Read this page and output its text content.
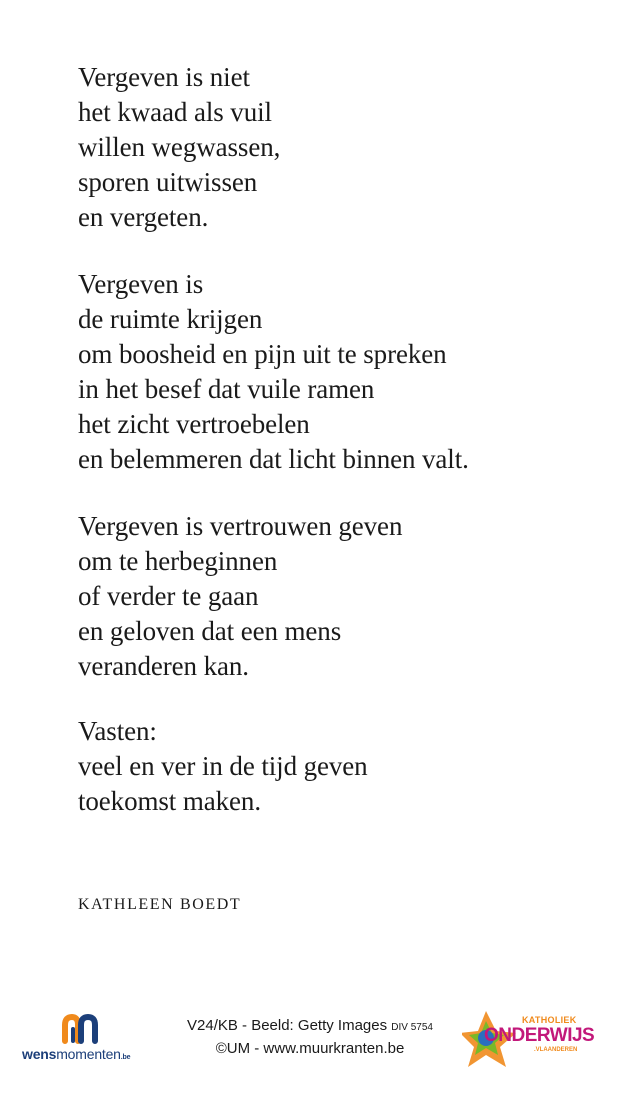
Vergeven is niet
het kwaad als vuil
willen wegwassen,
sporen uitwissen
en vergeten.
Vergeven is
de ruimte krijgen
om boosheid en pijn uit te spreken
in het besef dat vuile ramen
het zicht vertroebelen
en belemmeren dat licht binnen valt.
Vergeven is vertrouwen geven
om te herbeginnen
of verder te gaan
en geloven dat een mens
veranderen kan.
Vasten:
veel en ver in de tijd geven
toekomst maken.
KATHLEEN BOEDT
wensmomenten.be
V24/KB - Beeld: Getty Images DIV 5754
©UM - www.muurkranten.be
KATHOLIEK
ONDERWIJS
.VLAANDEREN
